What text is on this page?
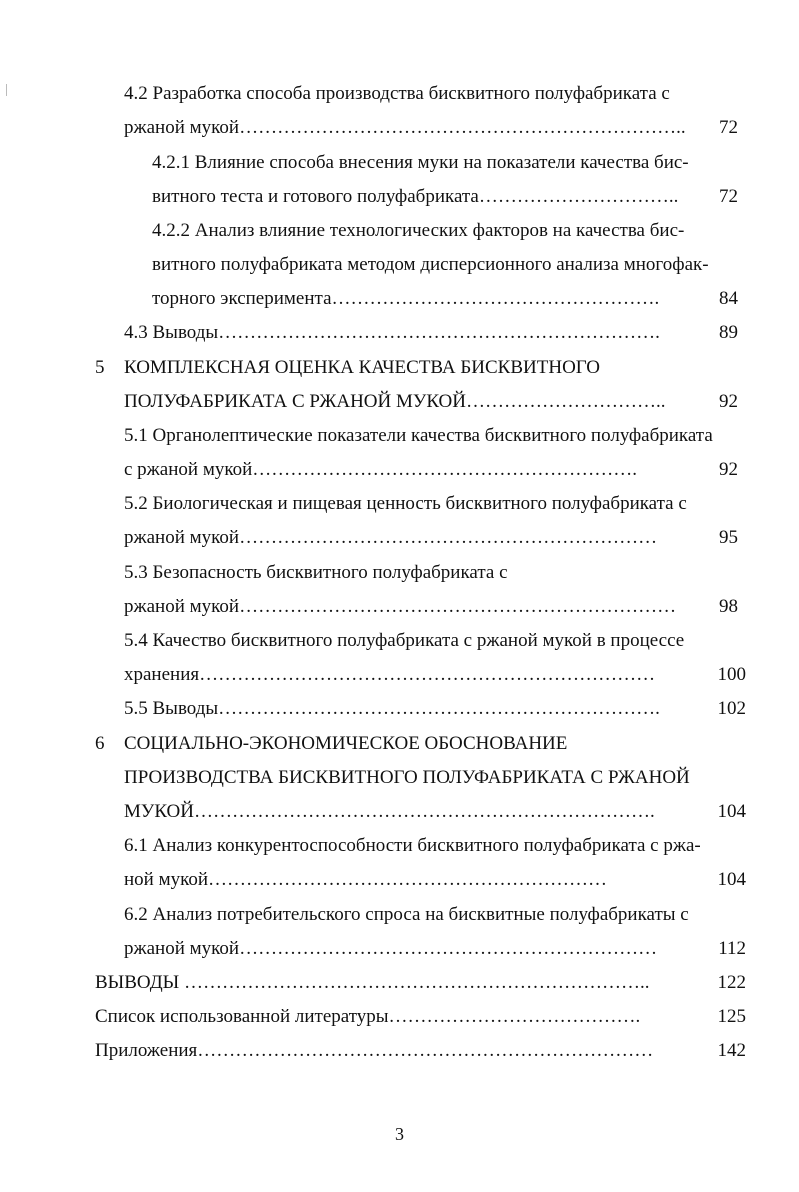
4.2 Разработка способа производства бисквитного полуфабриката с
ржаной мукой……………………………………………………………..	72
4.2.1 Влияние способа внесения муки на показатели качества бис-
витного теста и готового полуфабриката…………………………..	72
4.2.2 Анализ влияние технологических факторов на качества бис-
витного полуфабриката методом дисперсионного анализа многофак-
торного эксперимента…………………………………………….	84
4.3 Выводы…………………………………………………………….	89
5 КОМПЛЕКСНАЯ ОЦЕНКА КАЧЕСТВА БИСКВИТНОГО
ПОЛУФАБРИКАТА С РЖАНОЙ МУКОЙ…………………………..	92
5.1 Органолептические показатели качества бисквитного полуфабриката
с ржаной мукой…………………………………………………….	92
5.2 Биологическая и пищевая ценность бисквитного полуфабриката с
ржаной мукой…………………………………………………………	95
5.3 Безопасность бисквитного полуфабриката с
ржаной мукой……………………………………………………………	98
5.4 Качество бисквитного полуфабриката с ржаной мукой в процессе
хранения………………………………………………………………	100
5.5 Выводы…………………………………………………………….	102
6 СОЦИАЛЬНО-ЭКОНОМИЧЕСКОЕ ОБОСНОВАНИЕ
ПРОИЗВОДСТВА БИСКВИТНОГО ПОЛУФАБРИКАТА С РЖАНОЙ
МУКОЙ……………………………………………………………….	104
6.1 Анализ конкурентоспособности бисквитного полуфабриката с ржа-
ной мукой………………………………………………………	104
6.2 Анализ потребительского спроса на бисквитные полуфабрикаты с
ржаной мукой…………………………………………………………	112
ВЫВОДЫ ………………………………………………………………..	122
Список использованной литературы………………………………….	125
Приложения………………………………………………………………	142
3
